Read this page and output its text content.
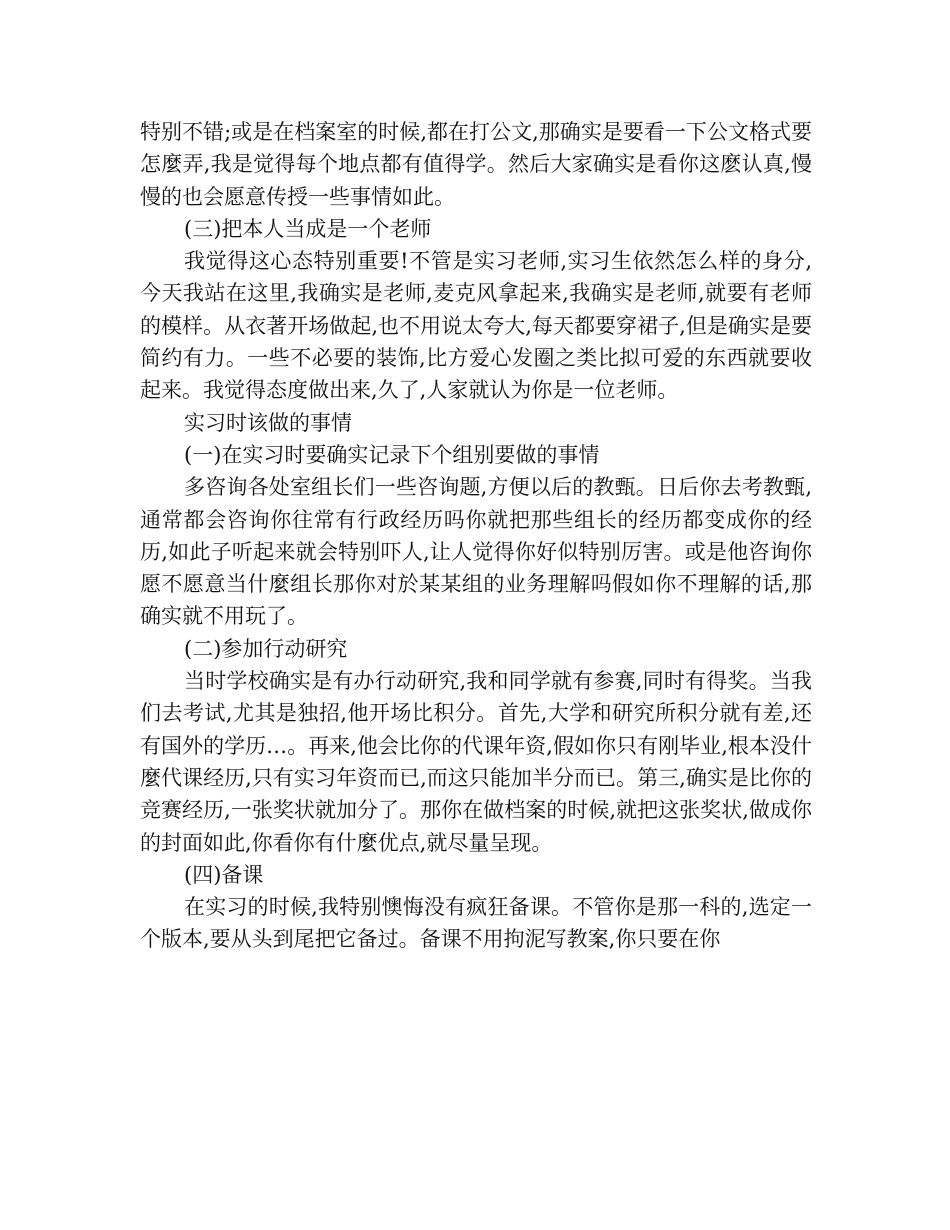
特别不错;或是在档案室的时候,都在打公文,那确实是要看一下公文格式要怎麼弄,我是觉得每个地点都有值得学。然后大家确实是看你这麽认真,慢慢的也会愿意传授一些事情如此。

(三)把本人当成是一个老师

我觉得这心态特别重要!不管是实习老师,实习生依然怎么样的身分,今天我站在这里,我确实是老师,麦克风拿起来,我确实是老师,就要有老师的模样。从衣著开场做起,也不用说太夸大,每天都要穿裙子,但是确实是要简约有力。一些不必要的装饰,比方爱心发圈之类比拟可爱的东西就要收起来。我觉得态度做出来,久了,人家就认为你是一位老师。

实习时该做的事情

(一)在实习时要确实记录下个组别要做的事情

多咨询各处室组长们一些咨询题,方便以后的教甄。日后你去考教甄,通常都会咨询你往常有行政经历吗你就把那些组长的经历都变成你的经历,如此子听起来就会特别吓人,让人觉得你好似特别厉害。或是他咨询你愿不愿意当什麼组长那你对於某某组的业务理解吗假如你不理解的话,那确实就不用玩了。

(二)参加行动研究

当时学校确实是有办行动研究,我和同学就有参赛,同时有得奖。当我们去考试,尤其是独招,他开场比积分。首先,大学和研究所积分就有差,还有国外的学历…。再来,他会比你的代课年资,假如你只有刚毕业,根本没什麼代课经历,只有实习年资而已,而这只能加半分而已。第三,确实是比你的竞赛经历,一张奖状就加分了。那你在做档案的时候,就把这张奖状,做成你的封面如此,你看你有什麼优点,就尽量呈现。

(四)备课

在实习的时候,我特别懊悔没有疯狂备课。不管你是那一科的,选定一个版本,要从头到尾把它备过。备课不用拘泥写教案,你只要在你
